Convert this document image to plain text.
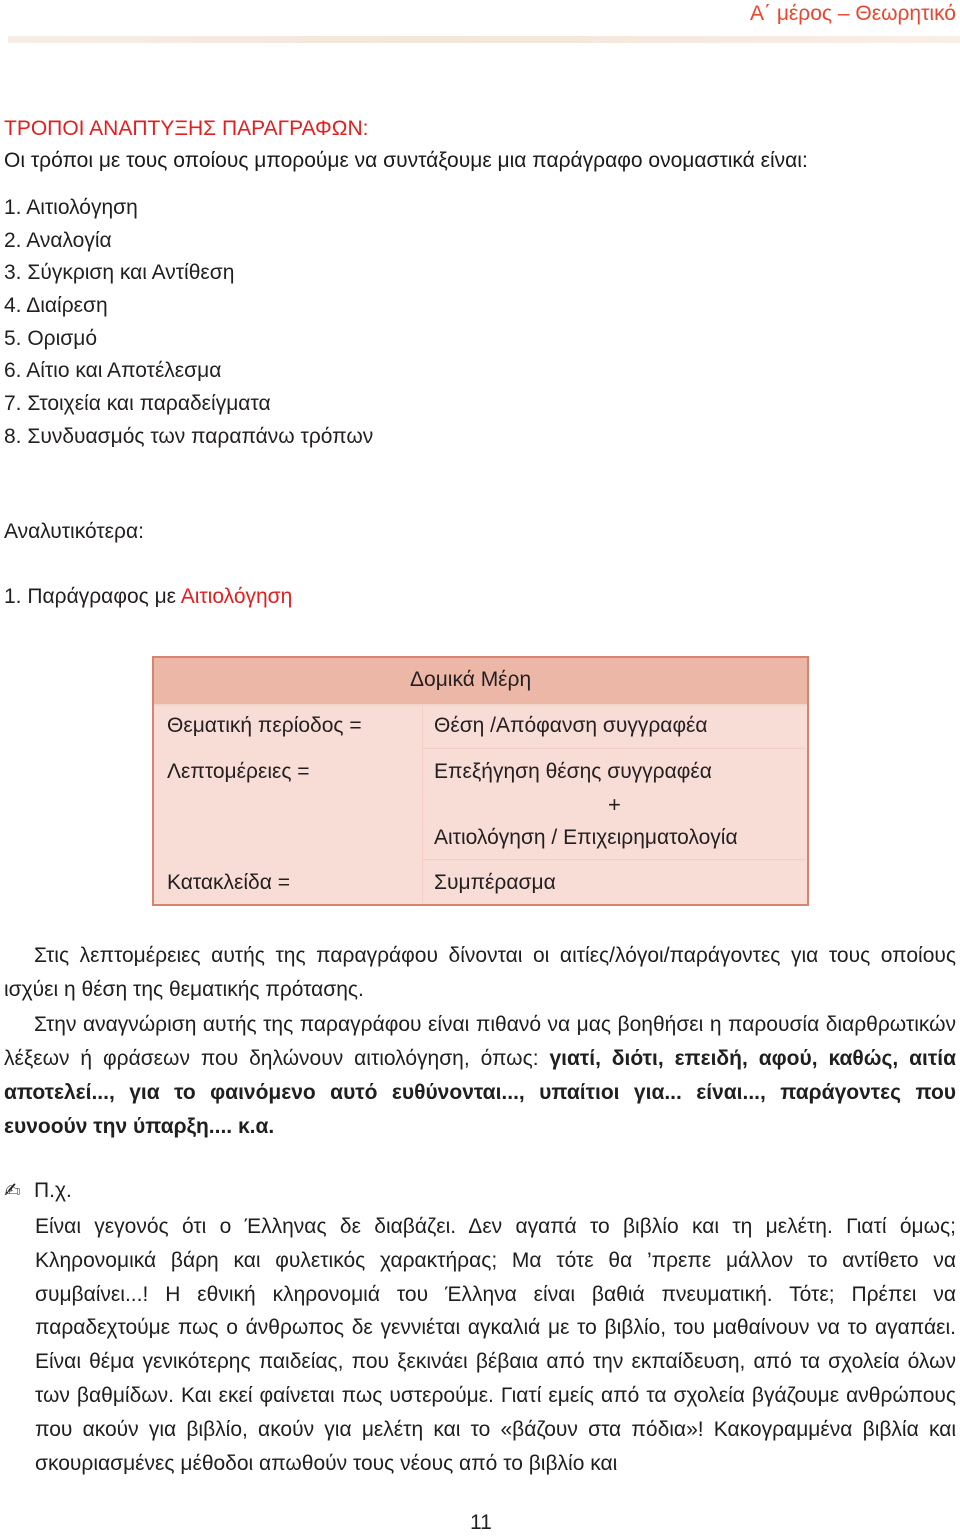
Α΄ μέρος – Θεωρητικό
ΤΡΟΠΟΙ ΑΝΑΠΤΥΞΗΣ ΠΑΡΑΓΡΑΦΩΝ:
Οι τρόποι με τους οποίους μπορούμε να συντάξουμε μια παράγραφο ονομαστικά είναι:
1. Αιτιολόγηση
2. Αναλογία
3. Σύγκριση και Αντίθεση
4. Διαίρεση
5. Ορισμό
6. Αίτιο και Αποτέλεσμα
7. Στοιχεία και παραδείγματα
8. Συνδυασμός των παραπάνω τρόπων
Αναλυτικότερα:
1. Παράγραφος με Αιτιολόγηση
Δομικά Μέρη
Θεματική περίοδος =	Θέση /Απόφανση συγγραφέα
Λεπτομέρειες =	Επεξήγηση θέσης συγγραφέα
+
Αιτιολόγηση / Επιχειρηματολογία
Κατακλείδα =	Συμπέρασμα
Στις λεπτομέρειες αυτής της παραγράφου δίνονται οι αιτίες/λόγοι/παράγοντες για τους οποίους ισχύει η θέση της θεματικής πρότασης.
Στην αναγνώριση αυτής της παραγράφου είναι πιθανό να μας βοηθήσει η παρουσία διαρθρωτικών λέξεων ή φράσεων που δηλώνουν αιτιολόγηση, όπως: γιατί, διότι, επειδή, αφού, καθώς, αιτία αποτελεί..., για το φαινόμενο αυτό ευθύνονται..., υπαίτιοι για... είναι..., παράγοντες που ευνοούν την ύπαρξη.... κ.α.
✍ Π.χ.
Είναι γεγονός ότι ο Έλληνας δε διαβάζει. Δεν αγαπά το βιβλίο και τη μελέτη. Γιατί όμως; Κληρονομικά βάρη και φυλετικός χαρακτήρας; Μα τότε θα ’πρεπε μάλλον το αντίθετο να συμβαίνει...! Η εθνική κληρονομιά του Έλληνα είναι βαθιά πνευματική. Τότε; Πρέπει να παραδεχτούμε πως ο άνθρωπος δε γεννιέται αγκαλιά με το βιβλίο, του μαθαίνουν να το αγαπάει. Είναι θέμα γενικότερης παιδείας, που ξεκινάει βέβαια από την εκπαίδευση, από τα σχολεία όλων των βαθμίδων. Και εκεί φαίνεται πως υστερούμε. Γιατί εμείς από τα σχολεία βγάζουμε ανθρώπους που ακούν για βιβλίο, ακούν για μελέτη και το «βάζουν στα πόδια»! Κακογραμμένα βιβλία και σκουριασμένες μέθοδοι απωθούν τους νέους από το βιβλίο και
11
